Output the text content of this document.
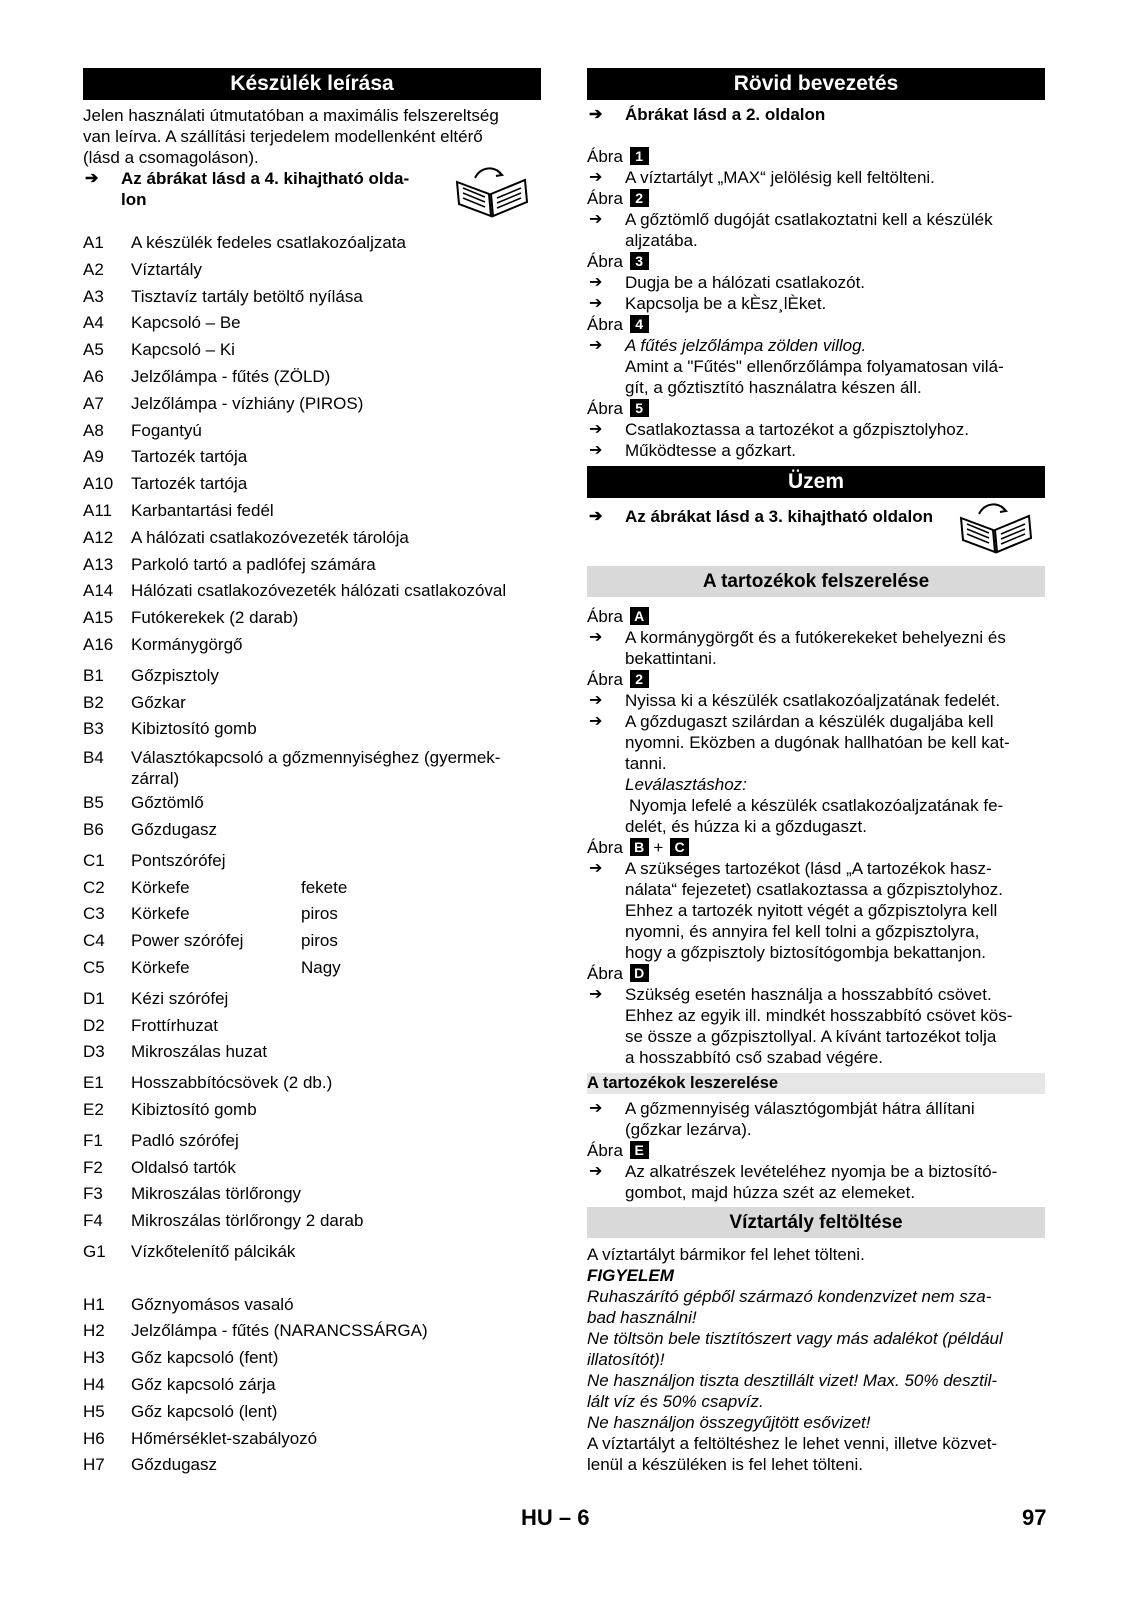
Készülék leírása
Jelen használati útmutatóban a maximális felszereltség
van leírva. A szállítási terjedelem modellenként eltérő
(lásd a csomagoláson).
➔ Az ábrákat lásd a 4. kihajtható olda-
lon
A1	A készülék fedeles csatlakozóaljzata
A2	Víztartály
A3	Tisztavíz tartály betöltő nyílása
A4	Kapcsoló – Be
A5	Kapcsoló – Ki
A6	Jelzőlámpa - fűtés (ZÖLD)
A7	Jelzőlámpa - vízhiány (PIROS)
A8	Fogantyú
A9	Tartozék tartója
A10	Tartozék tartója
A11	Karbantartási fedél
A12	A hálózati csatlakozóvezeték tárolója
A13	Parkoló tartó a padlófej számára
A14	Hálózati csatlakozóvezeték hálózati csatlakozóval
A15	Futókerekek (2 darab)
A16	Kormánygörgő
B1	Gőzpisztoly
B2	Gőzkar
B3	Kibiztosító gomb
B4	Választókapcsoló a gőzmennyiséghez (gyermek-
zárral)
B5	Gőztömlő
B6	Gőzdugasz
C1	Pontszórófej
C2	Körkefe	fekete
C3	Körkefe	piros
C4	Power szórófej	piros
C5	Körkefe	Nagy
D1	Kézi szórófej
D2	Frottírhuzat
D3	Mikroszálas huzat
E1	Hosszabbítócsövek (2 db.)
E2	Kibiztosító gomb
F1	Padló szórófej
F2	Oldalsó tartók
F3	Mikroszálas törlőrongy
F4	Mikroszálas törlőrongy 2 darab
G1	Vízkőtelenítő pálcikák
H1	Gőznyomásos vasaló
H2	Jelzőlámpa - fűtés (NARANCSSÁRGA)
H3	Gőz kapcsoló (fent)
H4	Gőz kapcsoló zárja
H5	Gőz kapcsoló (lent)
H6	Hőmérséklet-szabályozó
H7	Gőzdugasz
Rövid bevezetés
➔ Ábrákat lásd a 2. oldalon
Ábra 1
➔ A víztartályt „MAX“ jelölésig kell feltölteni.
Ábra 2
➔ A gőztömlő dugóját csatlakoztatni kell a készülék
aljzatába.
Ábra 3
➔ Dugja be a hálózati csatlakozót.
➔ Kapcsolja be a kÈsz¸lÈket.
Ábra 4
➔ A fűtés jelzőlámpa zölden villog.
Amint a "Fűtés" ellenőrzőlámpa folyamatosan vilá-
gít, a gőztisztító használatra készen áll.
Ábra 5
➔ Csatlakoztassa a tartozékot a gőzpisztolyhoz.
➔ Működtesse a gőzkart.
Üzem
➔ Az ábrákat lásd a 3. kihajtható oldalon
A tartozékok felszerelése
Ábra A
➔ A kormánygörgőt és a futókerekeket behelyezni és
bekattintani.
Ábra 2
➔ Nyissa ki a készülék csatlakozóaljzatának fedelét.
➔ A gőzdugaszt szilárdan a készülék dugaljába kell
nyomni. Eközben a dugónak hallhatóan be kell kat-
tanni.
Leválasztáshoz:
Nyomja lefelé a készülék csatlakozóaljzatának fe-
delét, és húzza ki a gőzdugaszt.
Ábra B + C
➔ A szükséges tartozékot (lásd „A tartozékok hasz-
nálata“ fejezetet) csatlakoztassa a gőzpisztolyhoz.
Ehhez a tartozék nyitott végét a gőzpisztolyra kell
nyomni, és annyira fel kell tolni a gőzpisztolyra,
hogy a gőzpisztoly biztosítógombja bekattanjon.
Ábra D
➔ Szükség esetén használja a hosszabbító csövet.
Ehhez az egyik ill. mindkét hosszabbító csövet kös-
se össze a gőzpisztollyal. A kívánt tartozékot tolja
a hosszabbító cső szabad végére.
A tartozékok leszerelése
➔ A gőzmennyiség választógombját hátra állítani
(gőzkar lezárva).
Ábra E
➔ Az alkatrészek levételéhez nyomja be a biztosító-
gombot, majd húzza szét az elemeket.
Víztartály feltöltése
A víztartályt bármikor fel lehet tölteni.
FIGYELEM
Ruhaszárító gépből származó kondenzvizet nem sza-
bad használni!
Ne töltsön bele tisztítószert vagy más adalékot (például
illatosítót)!
Ne használjon tiszta desztillált vizet! Max. 50% desztil-
lált víz és 50% csapvíz.
Ne használjon összegyűjtött esővizet!
A víztartályt a feltöltéshez le lehet venni, illetve közvet-
lenül a készüléken is fel lehet tölteni.
HU – 6	97
